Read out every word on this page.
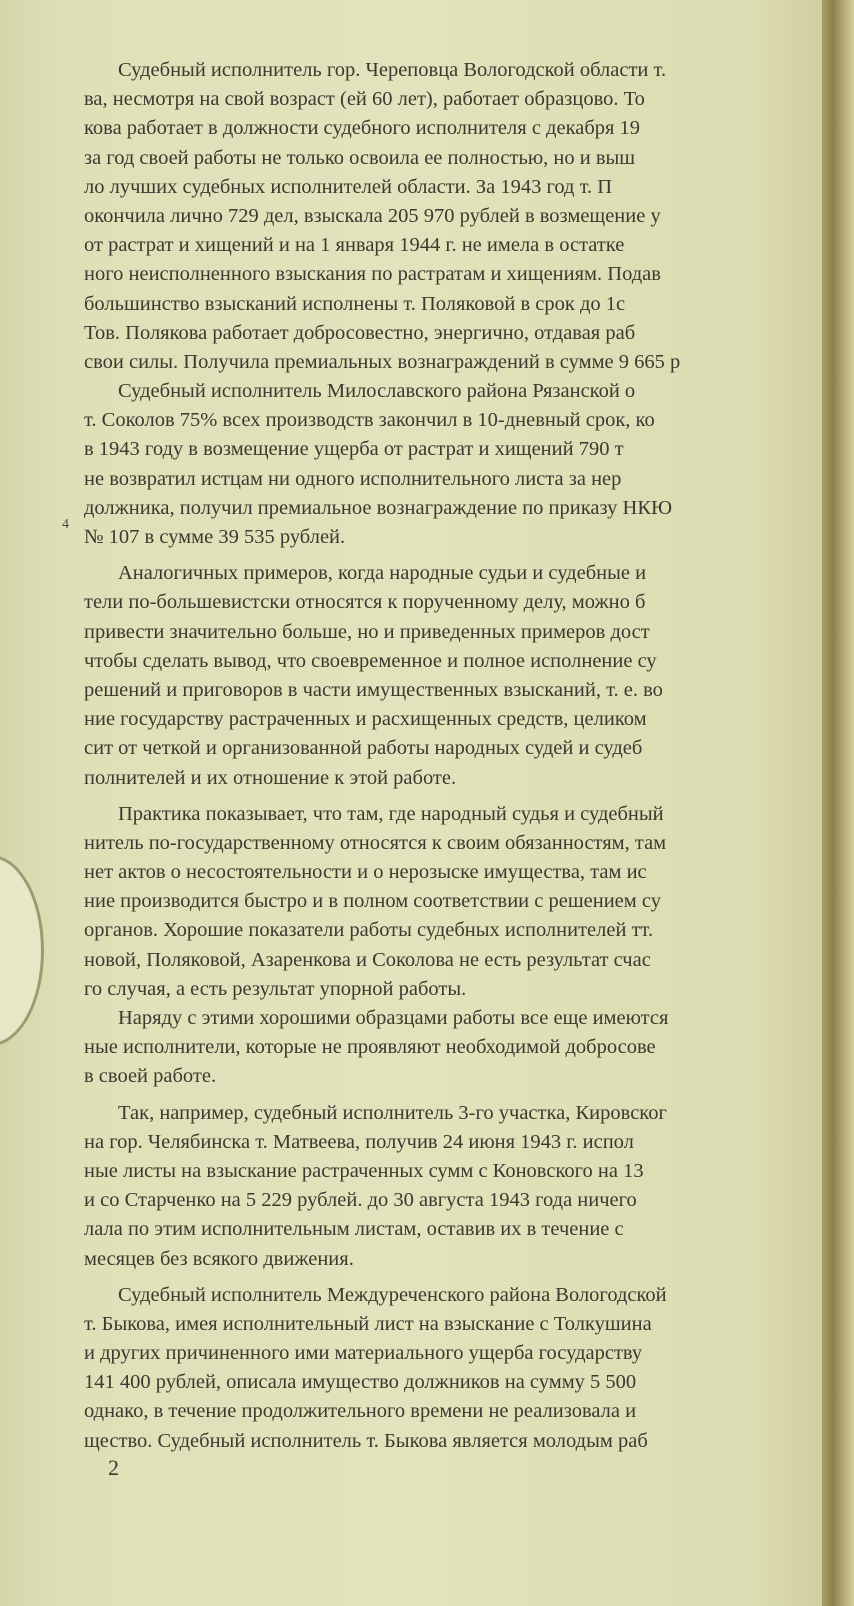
Судебный исполнитель гор. Череповца Вологодской области т.
ва, несмотря на свой возраст (ей 60 лет), работает образцово. То
кова работает в должности судебного исполнителя с декабря 19
за год своей работы не только освоила ее полностью, но и выш
ло лучших судебных исполнителей области. За 1943 год т. П
окончила лично 729 дел, взыскала 205 970 рублей в возмещение у
от растрат и хищений и на 1 января 1944 г. не имела в остатке
ного неисполненного взыскания по растратам и хищениям. Подав
большинство взысканий исполнены т. Поляковой в срок до 1с
Тов. Полякова работает добросовестно, энергично, отдавая раб
свои силы. Получила премиальных вознаграждений в сумме 9 665 р
Судебный исполнитель Милославского района Рязанской о
т. Соколов 75% всех производств закончил в 10-дневный срок, ко
в 1943 году в возмещение ущерба от растрат и хищений 790 т
не возвратил истцам ни одного исполнительного листа за нер
должника, получил премиальное вознаграждение по приказу НКЮ
№ 107 в сумме 39 535 рублей.
Аналогичных примеров, когда народные судьи и судебные и
тели по-большевистски относятся к порученному делу, можно б
привести значительно больше, но и приведенных примеров дост
чтобы сделать вывод, что своевременное и полное исполнение су
решений и приговоров в части имущественных взысканий, т. е. во
ние государству растраченных и расхищенных средств, целиком
сит от четкой и организованной работы народных судей и судеб
полнителей и их отношение к этой работе.
Практика показывает, что там, где народный судья и судебный
нитель по-государственному относятся к своим обязанностям, там
нет актов о несостоятельности и о нерозыске имущества, там ис
ние производится быстро и в полном соответствии с решением су
органов. Хорошие показатели работы судебных исполнителей тт.
новой, Поляковой, Азаренкова и Соколова не есть результат счас
го случая, а есть результат упорной работы.
Наряду с этими хорошими образцами работы все еще имеются
ные исполнители, которые не проявляют необходимой добросове
в своей работе.
Так, например, судебный исполнитель 3-го участка, Кировског
на гор. Челябинска т. Матвеева, получив 24 июня 1943 г. испол
ные листы на взыскание растраченных сумм с Коновского на 13
и со Старченко на 5 229 рублей. до 30 августа 1943 года ничего
лала по этим исполнительным листам, оставив их в течение с
месяцев без всякого движения.
Судебный исполнитель Междуреченского района Вологодской
т. Быкова, имея исполнительный лист на взыскание с Толкушина
и других причиненного ими материального ущерба государству
141 400 рублей, описала имущество должников на сумму 5 500
однако, в течение продолжительного времени не реализовала и
щество. Судебный исполнитель т. Быкова является молодым раб
4
2
